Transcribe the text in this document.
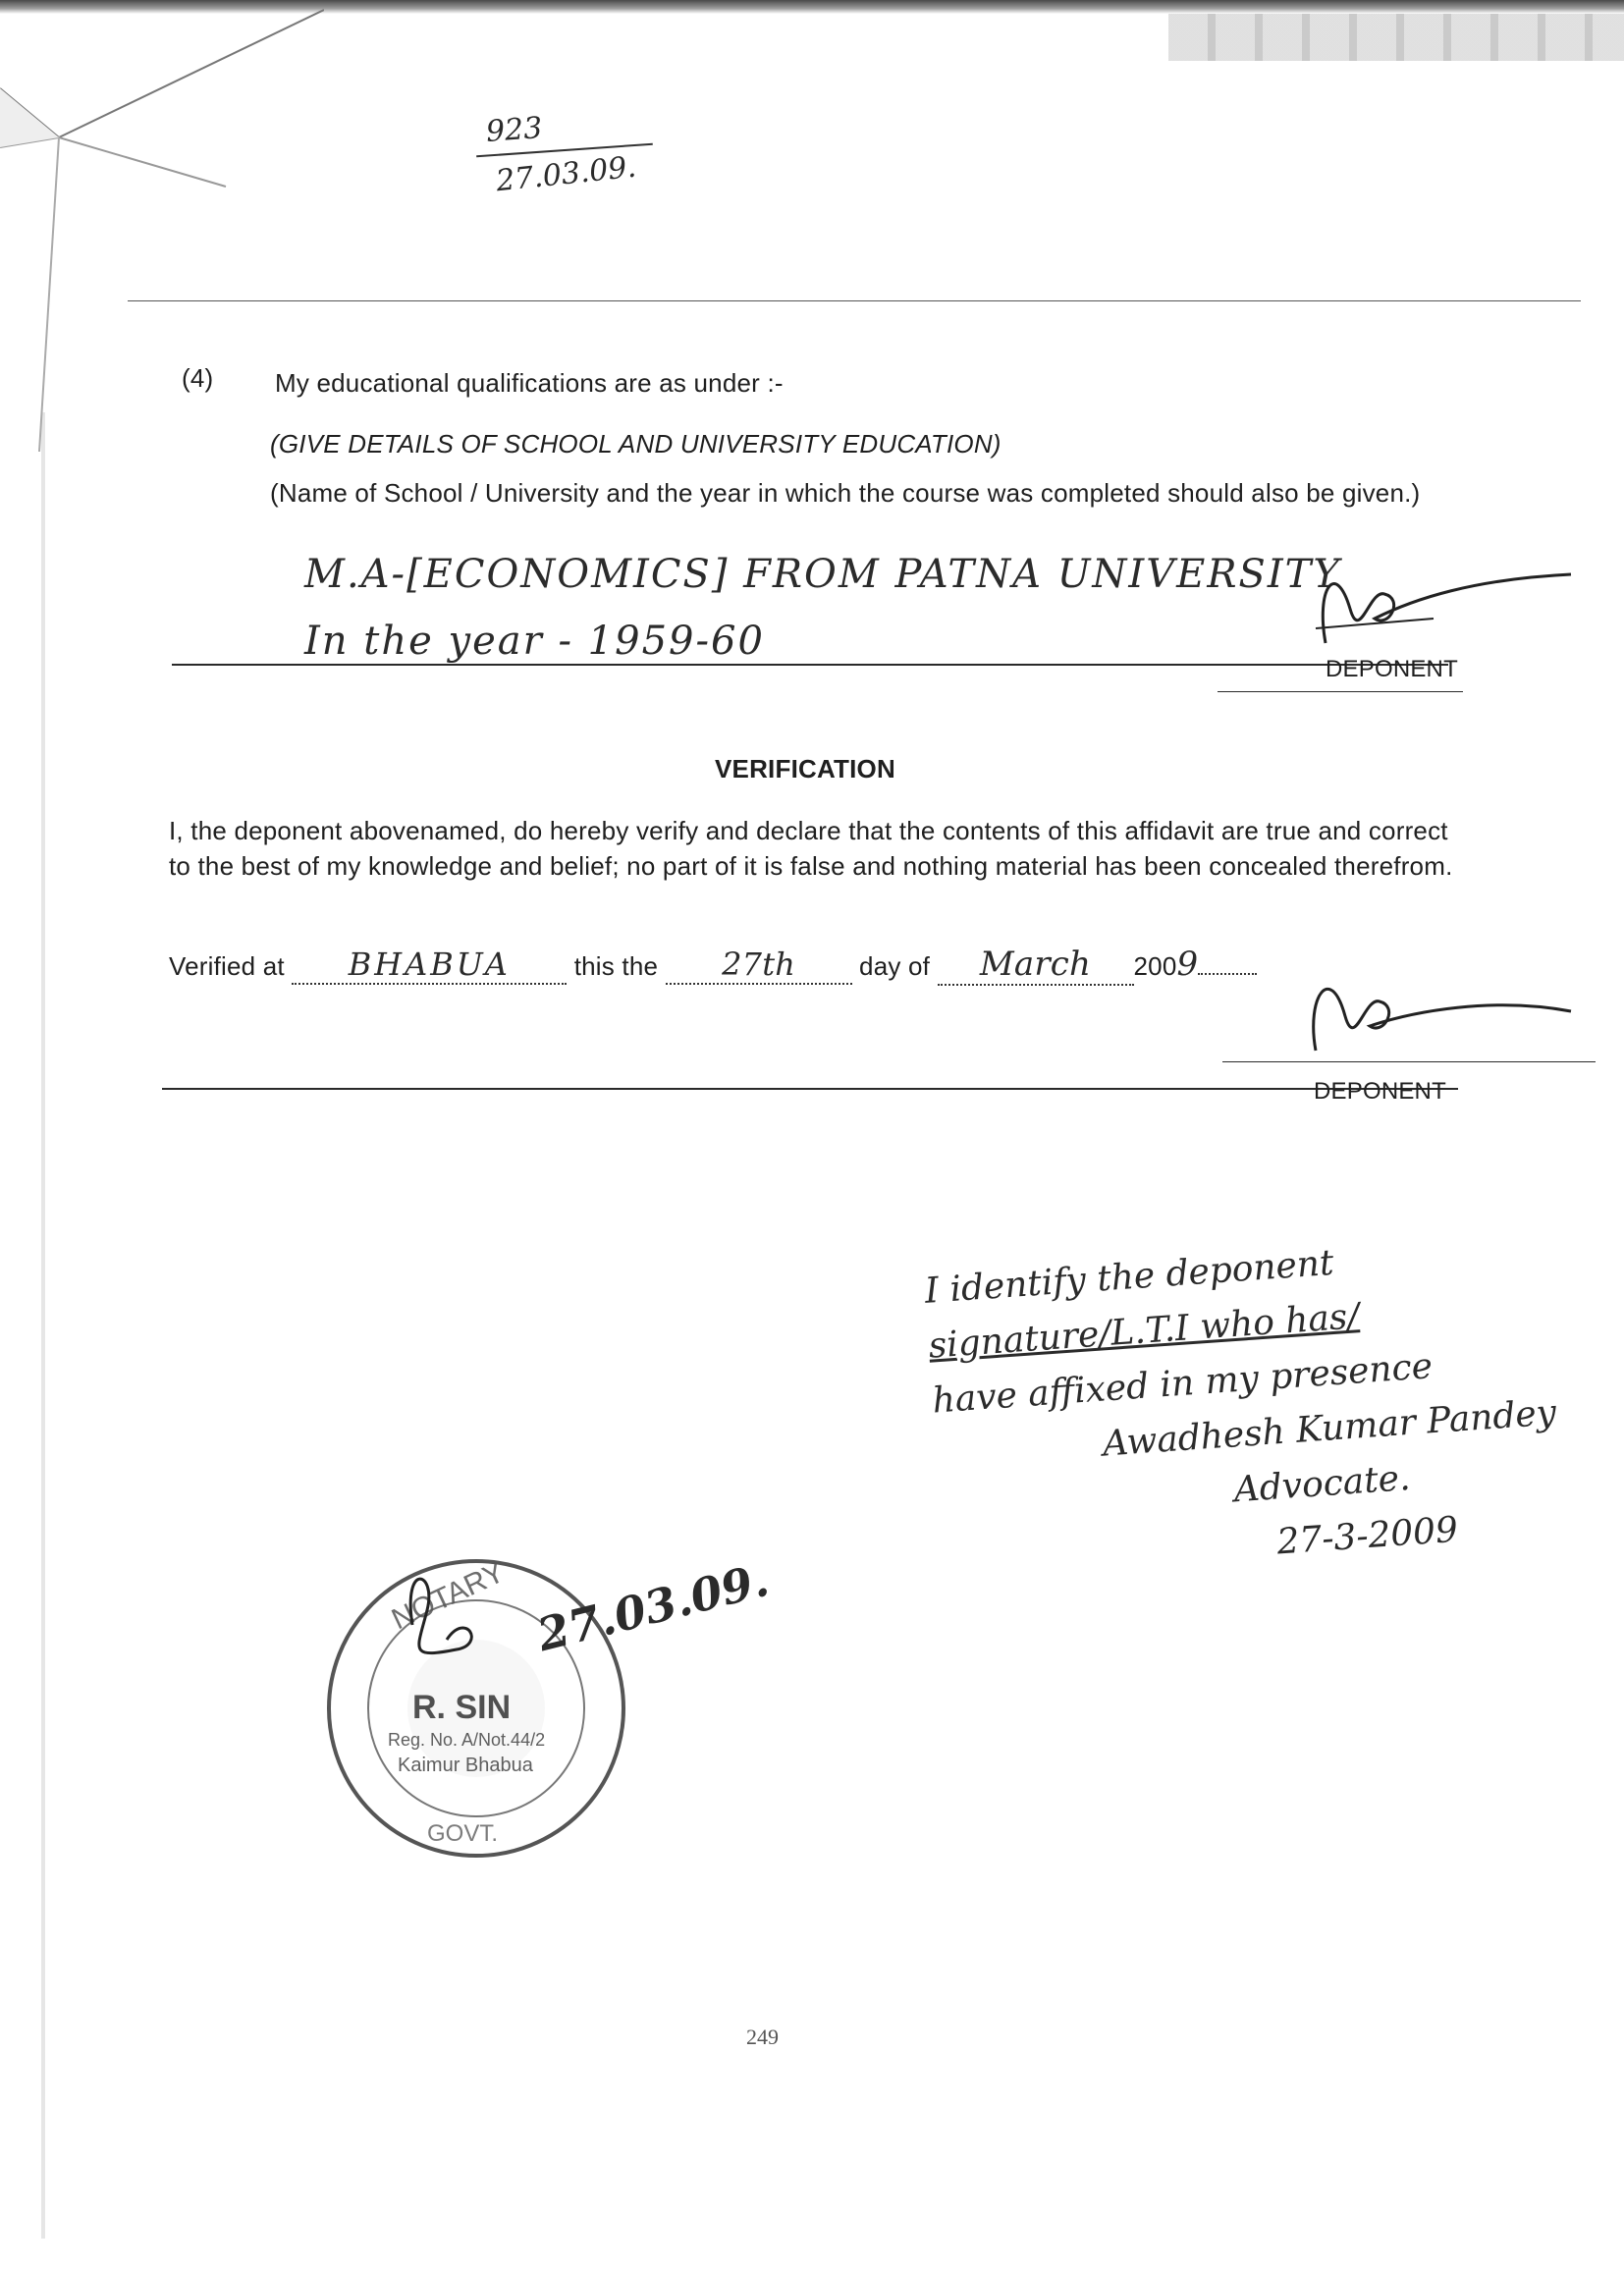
923
27.03.09.
(4) My educational qualifications are as under :-
(GIVE DETAILS OF SCHOOL AND UNIVERSITY EDUCATION)
(Name of School / University and the year in which the course was completed should also be given.)
M.A-[ECONOMICS] FROM PATNA UNIVERSITY
In the year - 1959-60
DEPONENT
VERIFICATION
I, the deponent abovenamed, do hereby verify and declare that the contents of this affidavit are true and correct to the best of my knowledge and belief; no part of it is false and nothing material has been concealed therefrom.
Verified at BHABUA this the 27th day of March 2009
DEPONENT
I identify the deponent
signature/L.T.I who has/
have affixed in my presence
Awadhesh Kumar Pandey
Advocate.
27-3-2009
NOTARY
R. SIN
Reg. No. A/Not.44/2
Kaimur Bhabua
GOVT.
27.03.09.
249
